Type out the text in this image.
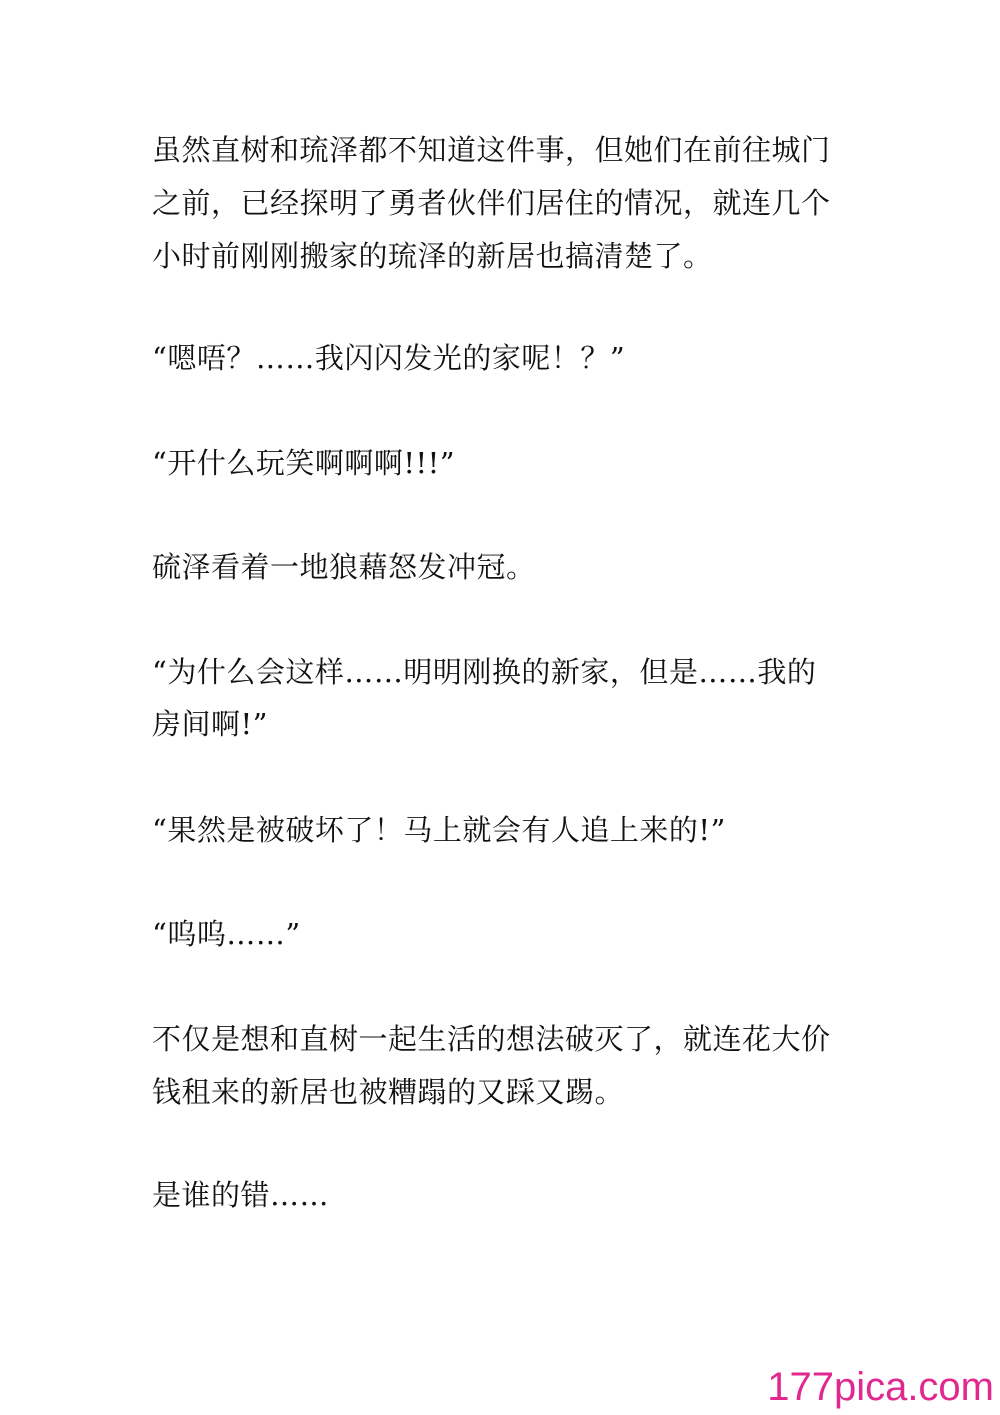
虽然直树和琉泽都不知道这件事，但她们在前往城门
之前，已经探明了勇者伙伴们居住的情况，就连几个
小时前刚刚搬家的琉泽的新居也搞清楚了。
“嗯唔？……我闪闪发光的家呢！？”
“开什么玩笑啊啊啊!!!”
硫泽看着一地狼藉怒发冲冠。
“为什么会这样……明明刚换的新家，但是……我的
房间啊!”
“果然是被破坏了！马上就会有人追上来的!”
“呜呜……”
不仅是想和直树一起生活的想法破灭了，就连花大价
钱租来的新居也被糟蹋的又踩又踢。
是谁的错……
177pica.com
